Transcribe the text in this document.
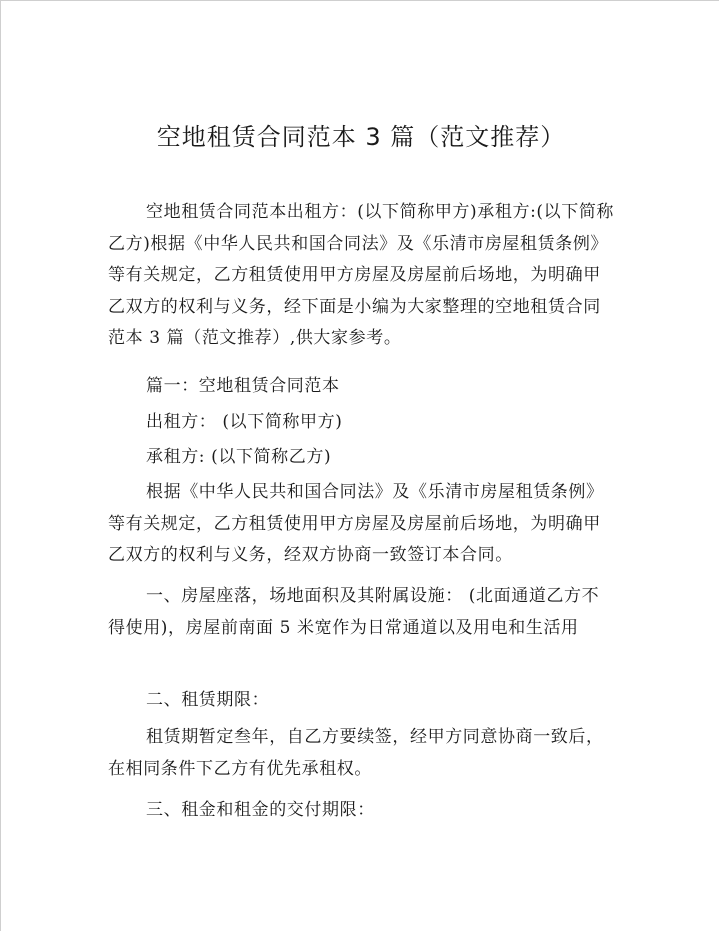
空地租赁合同范本 3 篇（范文推荐）

空地租赁合同范本出租方：(以下简称甲方)承租方:(以下简称乙方)根据《中华人民共和国合同法》及《乐清市房屋租赁条例》等有关规定，乙方租赁使用甲方房屋及房屋前后场地，为明确甲乙双方的权利与义务，经下面是小编为大家整理的空地租赁合同范本 3 篇（范文推荐）,供大家参考。

篇一：空地租赁合同范本

出租方： (以下简称甲方)

承租方: (以下简称乙方)

根据《中华人民共和国合同法》及《乐清市房屋租赁条例》等有关规定，乙方租赁使用甲方房屋及房屋前后场地，为明确甲乙双方的权利与义务，经双方协商一致签订本合同。

一、房屋座落，场地面积及其附属设施： (北面通道乙方不得使用)，房屋前南面 5 米宽作为日常通道以及用电和生活用

二、租赁期限：

租赁期暂定叁年，自乙方要续签，经甲方同意协商一致后，在相同条件下乙方有优先承租权。

三、租金和租金的交付期限：
